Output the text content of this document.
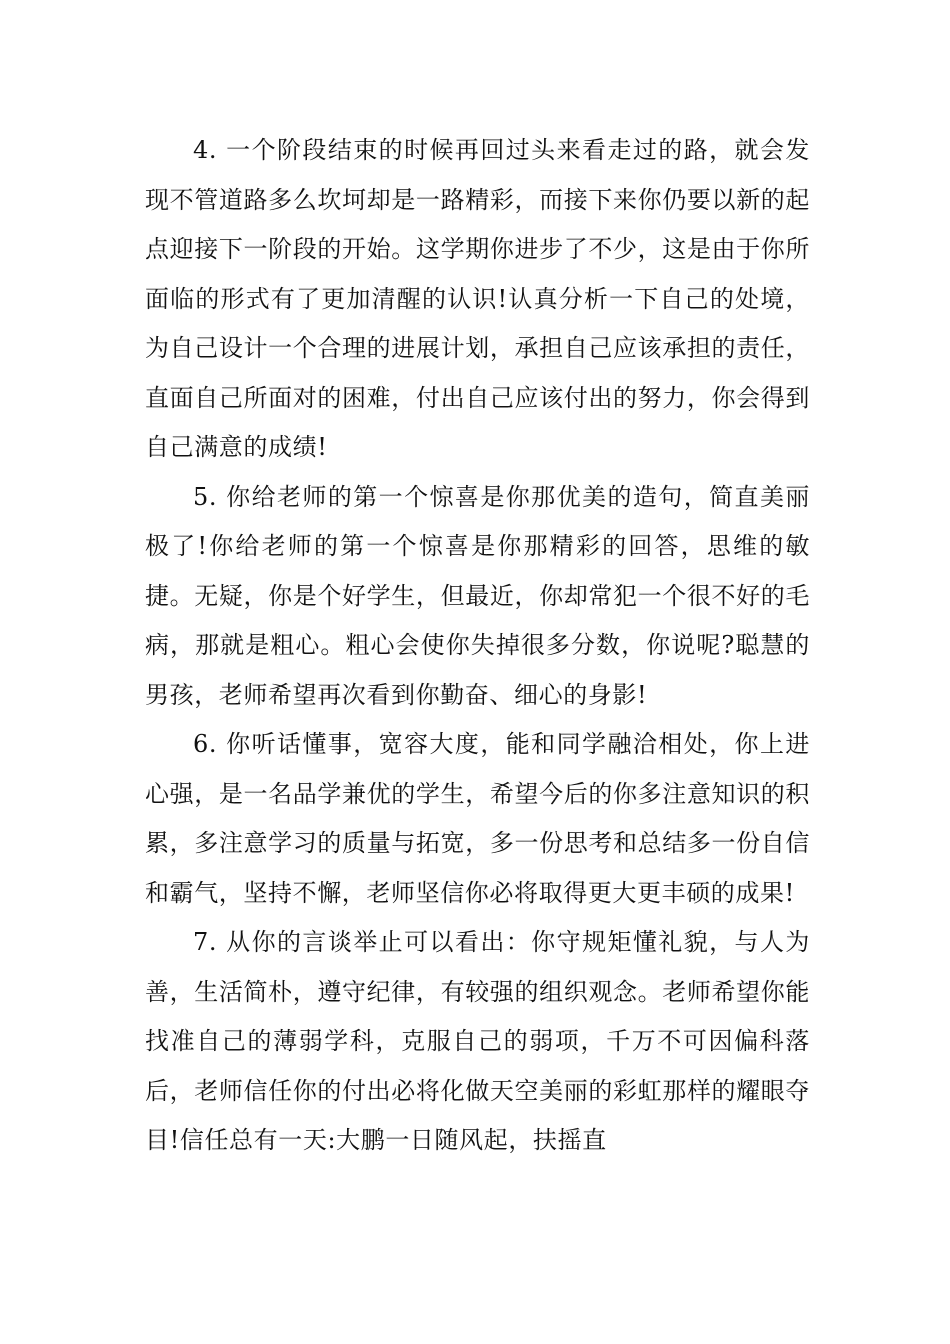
4. 一个阶段结束的时候再回过头来看走过的路，就会发现不管道路多么坎坷却是一路精彩，而接下来你仍要以新的起点迎接下一阶段的开始。这学期你进步了不少，这是由于你所面临的形式有了更加清醒的认识!认真分析一下自己的处境，为自己设计一个合理的进展计划，承担自己应该承担的责任，直面自己所面对的困难，付出自己应该付出的努力，你会得到自己满意的成绩!

5. 你给老师的第一个惊喜是你那优美的造句，简直美丽极了!你给老师的第一个惊喜是你那精彩的回答，思维的敏捷。无疑，你是个好学生，但最近，你却常犯一个很不好的毛病，那就是粗心。粗心会使你失掉很多分数，你说呢?聪慧的男孩，老师希望再次看到你勤奋、细心的身影!

6. 你听话懂事，宽容大度，能和同学融洽相处，你上进心强，是一名品学兼优的学生，希望今后的你多注意知识的积累，多注意学习的质量与拓宽，多一份思考和总结多一份自信和霸气，坚持不懈，老师坚信你必将取得更大更丰硕的成果!

7. 从你的言谈举止可以看出：你守规矩懂礼貌，与人为善，生活简朴，遵守纪律，有较强的组织观念。老师希望你能找准自己的薄弱学科，克服自己的弱项，千万不可因偏科落后，老师信任你的付出必将化做天空美丽的彩虹那样的耀眼夺目!信任总有一天:大鹏一日随风起，扶摇直
